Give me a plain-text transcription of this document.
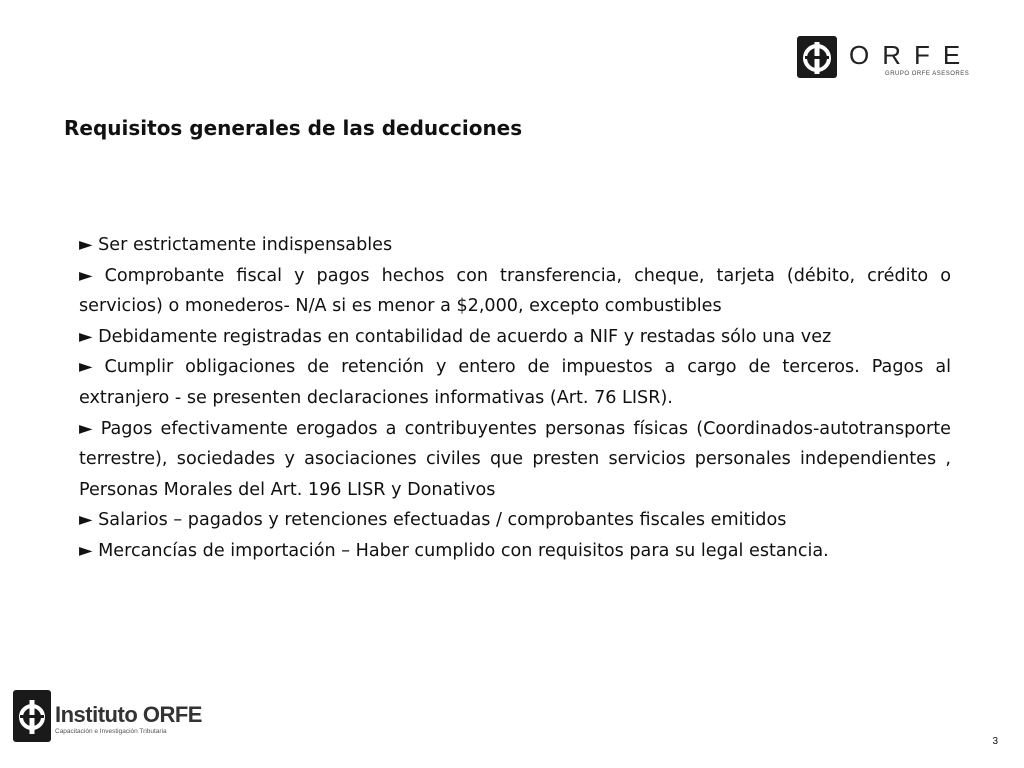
ORFE
GRUPO ORFE ASESORES
Requisitos generales de las deducciones
► Ser estrictamente indispensables
► Comprobante fiscal y pagos hechos con transferencia, cheque, tarjeta (débito, crédito o servicios) o monederos- N/A si es menor a $2,000, excepto combustibles
► Debidamente registradas en contabilidad de acuerdo a NIF y restadas sólo una vez
► Cumplir obligaciones de retención y entero de impuestos a cargo de terceros. Pagos al extranjero - se presenten declaraciones informativas (Art. 76 LISR).
► Pagos efectivamente erogados a contribuyentes personas físicas (Coordinados-autotransporte terrestre), sociedades y asociaciones civiles que presten servicios personales independientes , Personas Morales del Art. 196 LISR y Donativos
► Salarios – pagados y retenciones efectuadas / comprobantes fiscales emitidos
► Mercancías de importación – Haber cumplido con requisitos para su legal estancia.
Instituto ORFE
Capacitación e Investigación Tributaria
3
